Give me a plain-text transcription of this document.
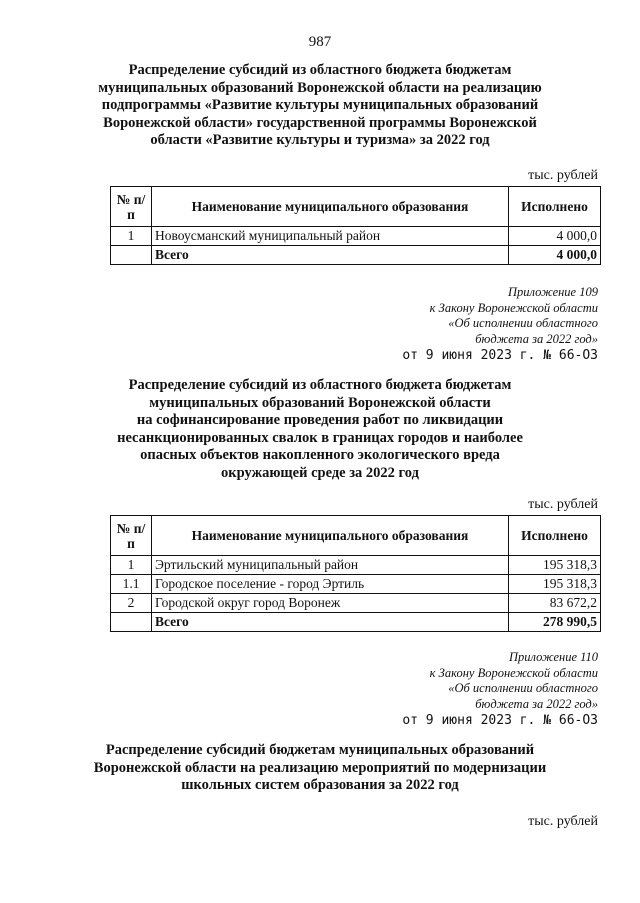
987
Распределение субсидий из областного бюджета бюджетам
муниципальных образований Воронежской области на реализацию
подпрограммы «Развитие культуры муниципальных образований
Воронежской области» государственной программы Воронежской
области «Развитие культуры и туризма» за 2022 год
тыс. рублей
№ п/п	Наименование муниципального образования	Исполнено
1	Новоусманский муниципальный район	4 000,0
	Всего	4 000,0
Приложение 109
к Закону Воронежской области
«Об исполнении областного
бюджета за 2022 год»
от 9 июня 2023 г. № 66-ОЗ
Распределение субсидий из областного бюджета бюджетам
муниципальных образований Воронежской области
на софинансирование проведения работ по ликвидации
несанкционированных свалок в границах городов и наиболее
опасных объектов накопленного экологического вреда
окружающей среде за 2022 год
тыс. рублей
№ п/п	Наименование муниципального образования	Исполнено
1	Эртильский муниципальный район	195 318,3
1.1	Городское поселение - город Эртиль	195 318,3
2	Городской округ город Воронеж	83 672,2
	Всего	278 990,5
Приложение 110
к Закону Воронежской области
«Об исполнении областного
бюджета за 2022 год»
от 9 июня 2023 г. № 66-ОЗ
Распределение субсидий бюджетам муниципальных образований
Воронежской области на реализацию мероприятий по модернизации
школьных систем образования за 2022 год
тыс. рублей
